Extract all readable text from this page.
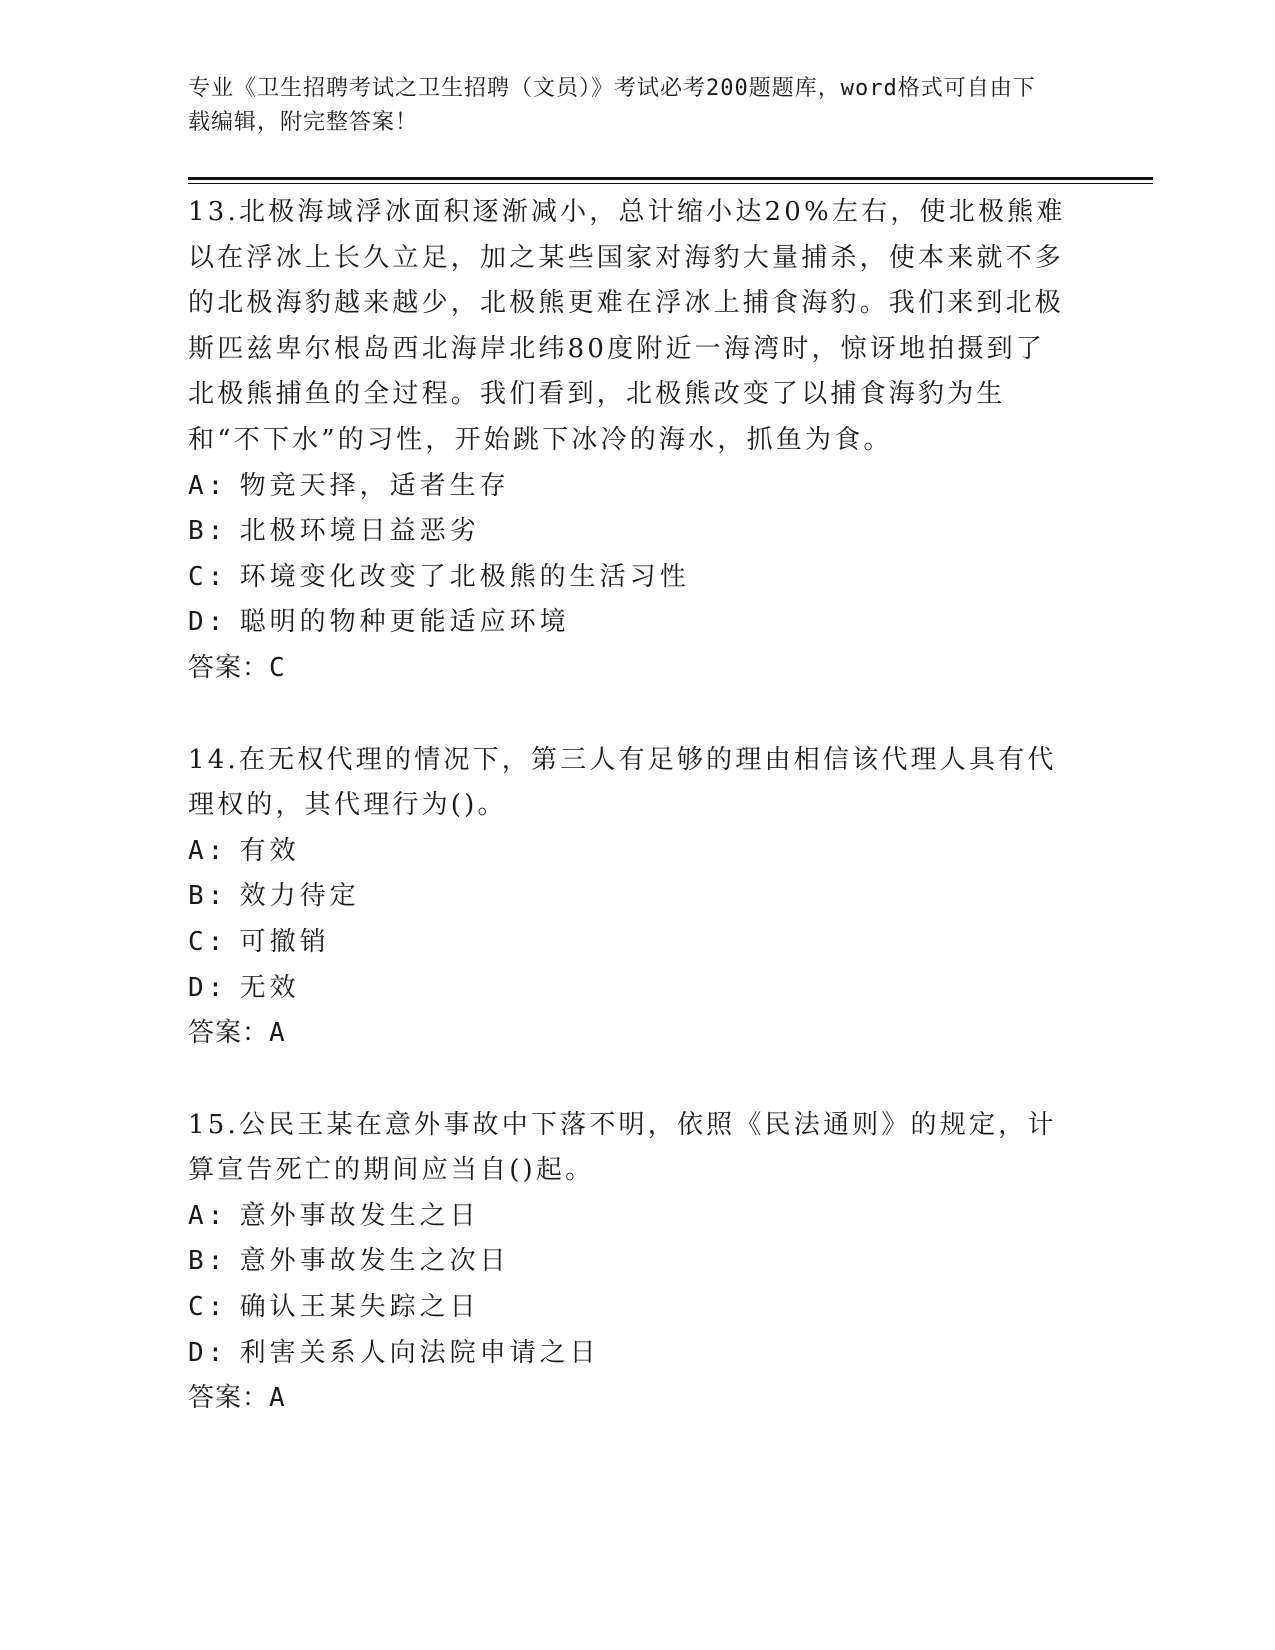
专业《卫生招聘考试之卫生招聘（文员）》考试必考200题题库，word格式可自由下载编辑，附完整答案！

13.北极海域浮冰面积逐渐减小，总计缩小达20%左右，使北极熊难以在浮冰上长久立足，加之某些国家对海豹大量捕杀，使本来就不多的北极海豹越来越少，北极熊更难在浮冰上捕食海豹。我们来到北极斯匹兹卑尔根岛西北海岸北纬80度附近一海湾时，惊讶地拍摄到了北极熊捕鱼的全过程。我们看到，北极熊改变了以捕食海豹为生和“不下水”的习性，开始跳下冰冷的海水，抓鱼为食。

A: 物竞天择，适者生存

B: 北极环境日益恶劣

C: 环境变化改变了北极熊的生活习性

D: 聪明的物种更能适应环境

答案：C

14.在无权代理的情况下，第三人有足够的理由相信该代理人具有代理权的，其代理行为()。

A: 有效

B: 效力待定

C: 可撤销

D: 无效

答案：A

15.公民王某在意外事故中下落不明，依照《民法通则》的规定，计算宣告死亡的期间应当自()起。

A: 意外事故发生之日

B: 意外事故发生之次日

C: 确认王某失踪之日

D: 利害关系人向法院申请之日

答案：A
